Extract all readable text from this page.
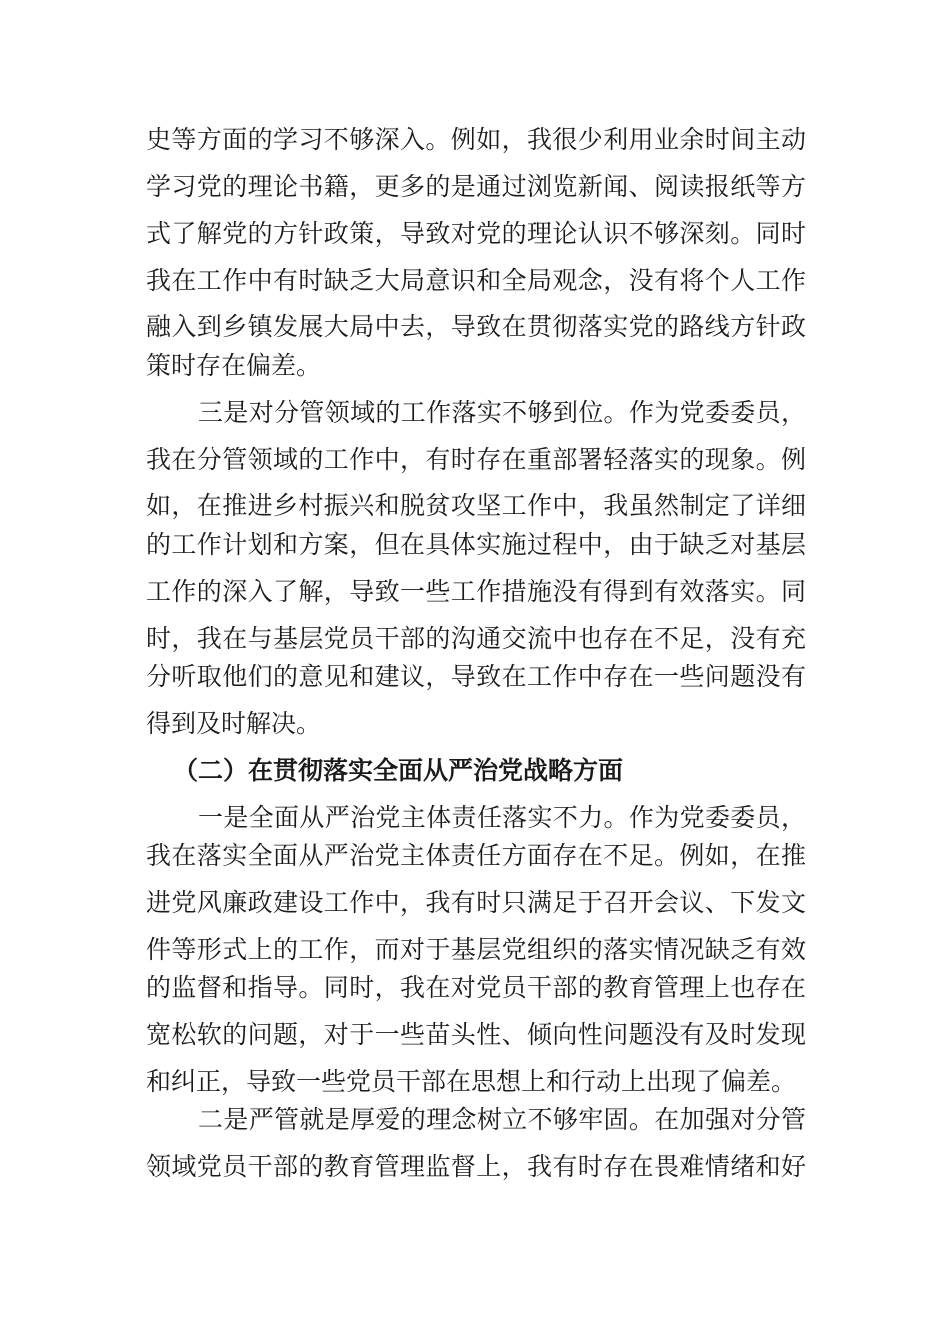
史等方面的学习不够深入。例如，我很少利用业余时间主动
学习党的理论书籍，更多的是通过浏览新闻、阅读报纸等方
式了解党的方针政策，导致对党的理论认识不够深刻。同时
我在工作中有时缺乏大局意识和全局观念，没有将个人工作
融入到乡镇发展大局中去，导致在贯彻落实党的路线方针政
策时存在偏差。
三是对分管领域的工作落实不够到位。作为党委委员，
我在分管领域的工作中，有时存在重部署轻落实的现象。例
如，在推进乡村振兴和脱贫攻坚工作中，我虽然制定了详细
的工作计划和方案，但在具体实施过程中，由于缺乏对基层
工作的深入了解，导致一些工作措施没有得到有效落实。同
时，我在与基层党员干部的沟通交流中也存在不足，没有充
分听取他们的意见和建议，导致在工作中存在一些问题没有
得到及时解决。
（二）在贯彻落实全面从严治党战略方面
一是全面从严治党主体责任落实不力。作为党委委员，
我在落实全面从严治党主体责任方面存在不足。例如，在推
进党风廉政建设工作中，我有时只满足于召开会议、下发文
件等形式上的工作，而对于基层党组织的落实情况缺乏有效
的监督和指导。同时，我在对党员干部的教育管理上也存在
宽松软的问题，对于一些苗头性、倾向性问题没有及时发现
和纠正，导致一些党员干部在思想上和行动上出现了偏差。
二是严管就是厚爱的理念树立不够牢固。在加强对分管
领域党员干部的教育管理监督上，我有时存在畏难情绪和好
